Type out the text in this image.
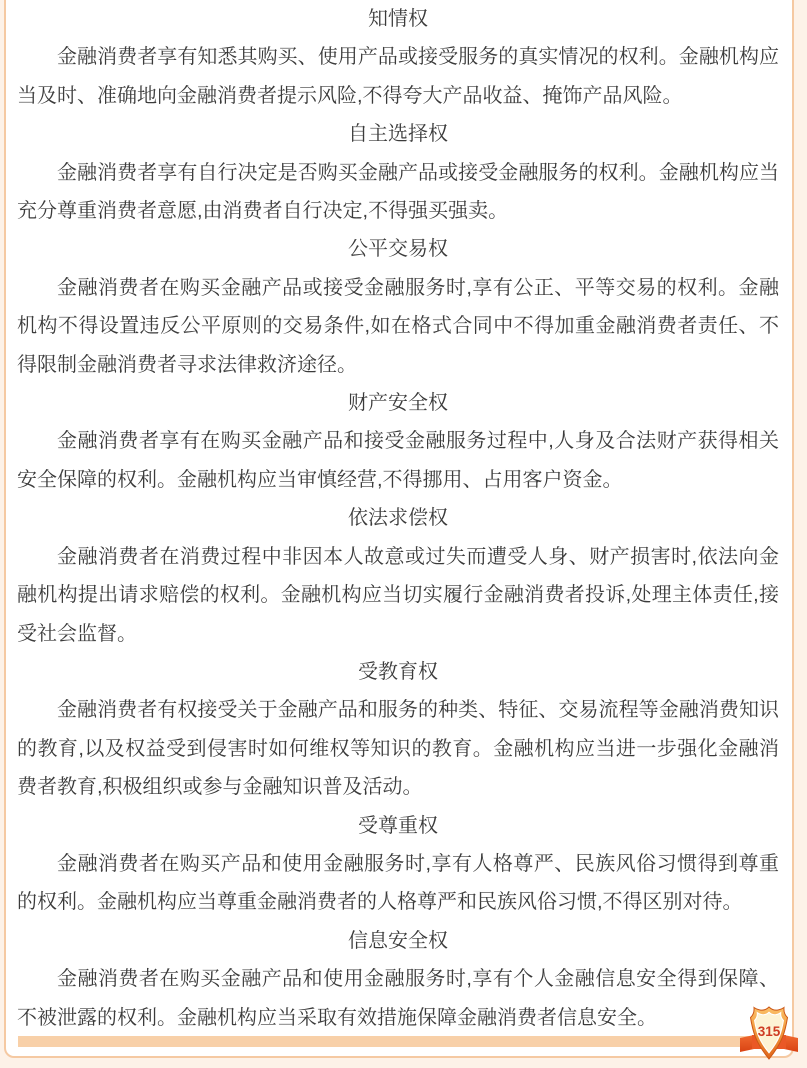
知情权

金融消费者享有知悉其购买、使用产品或接受服务的真实情况的权利。金融机构应当及时、准确地向金融消费者提示风险,不得夸大产品收益、掩饰产品风险。

自主选择权

金融消费者享有自行决定是否购买金融产品或接受金融服务的权利。金融机构应当充分尊重消费者意愿,由消费者自行决定,不得强买强卖。

公平交易权

金融消费者在购买金融产品或接受金融服务时,享有公正、平等交易的权利。金融机构不得设置违反公平原则的交易条件,如在格式合同中不得加重金融消费者责任、不得限制金融消费者寻求法律救济途径。

财产安全权

金融消费者享有在购买金融产品和接受金融服务过程中,人身及合法财产获得相关安全保障的权利。金融机构应当审慎经营,不得挪用、占用客户资金。

依法求偿权

金融消费者在消费过程中非因本人故意或过失而遭受人身、财产损害时,依法向金融机构提出请求赔偿的权利。金融机构应当切实履行金融消费者投诉,处理主体责任,接受社会监督。

受教育权

金融消费者有权接受关于金融产品和服务的种类、特征、交易流程等金融消费知识的教育,以及权益受到侵害时如何维权等知识的教育。金融机构应当进一步强化金融消费者教育,积极组织或参与金融知识普及活动。

受尊重权

金融消费者在购买产品和使用金融服务时,享有人格尊严、民族风俗习惯得到尊重的权利。金融机构应当尊重金融消费者的人格尊严和民族风俗习惯,不得区别对待。

信息安全权

金融消费者在购买金融产品和使用金融服务时,享有个人金融信息安全得到保障、不被泄露的权利。金融机构应当采取有效措施保障金融消费者信息安全。

315
